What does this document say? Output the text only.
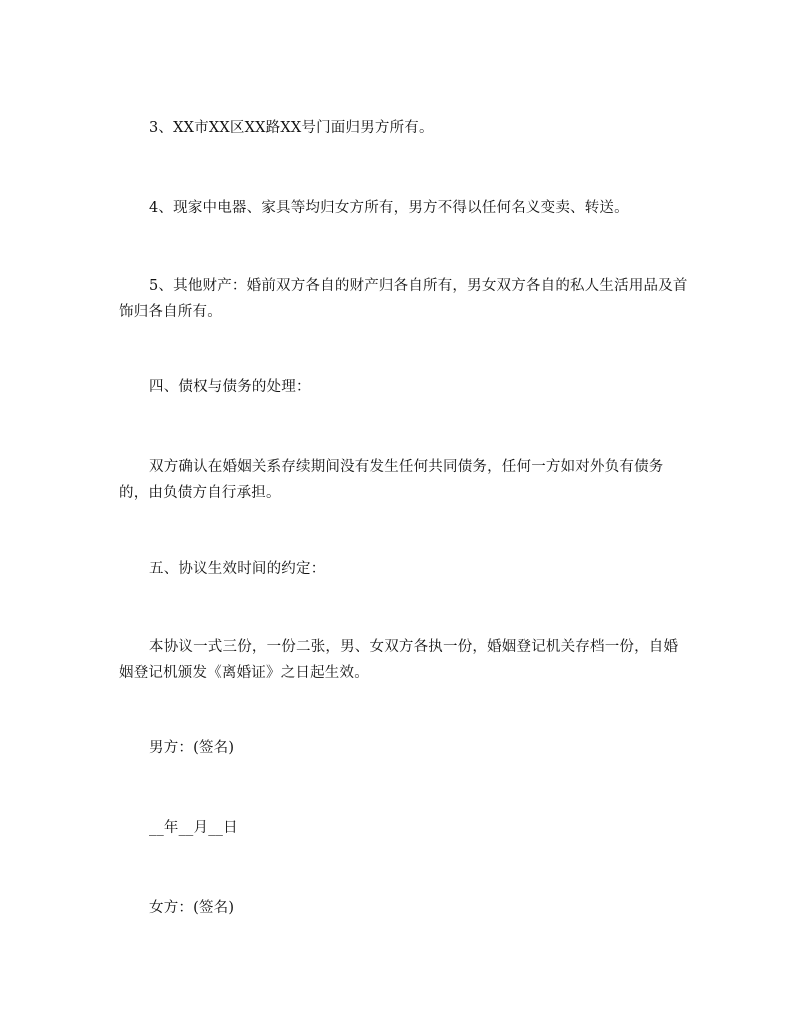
3、XX市XX区XX路XX号门面归男方所有。

4、现家中电器、家具等均归女方所有，男方不得以任何名义变卖、转送。

5、其他财产：婚前双方各自的财产归各自所有，男女双方各自的私人生活用品及首饰归各自所有。

四、债权与债务的处理：

双方确认在婚姻关系存续期间没有发生任何共同债务，任何一方如对外负有债务的，由负债方自行承担。

五、协议生效时间的约定：

本协议一式三份，一份二张，男、女双方各执一份，婚姻登记机关存档一份，自婚姻登记机颁发《离婚证》之日起生效。

男方：(签名)

__年__月__日

女方：(签名)
